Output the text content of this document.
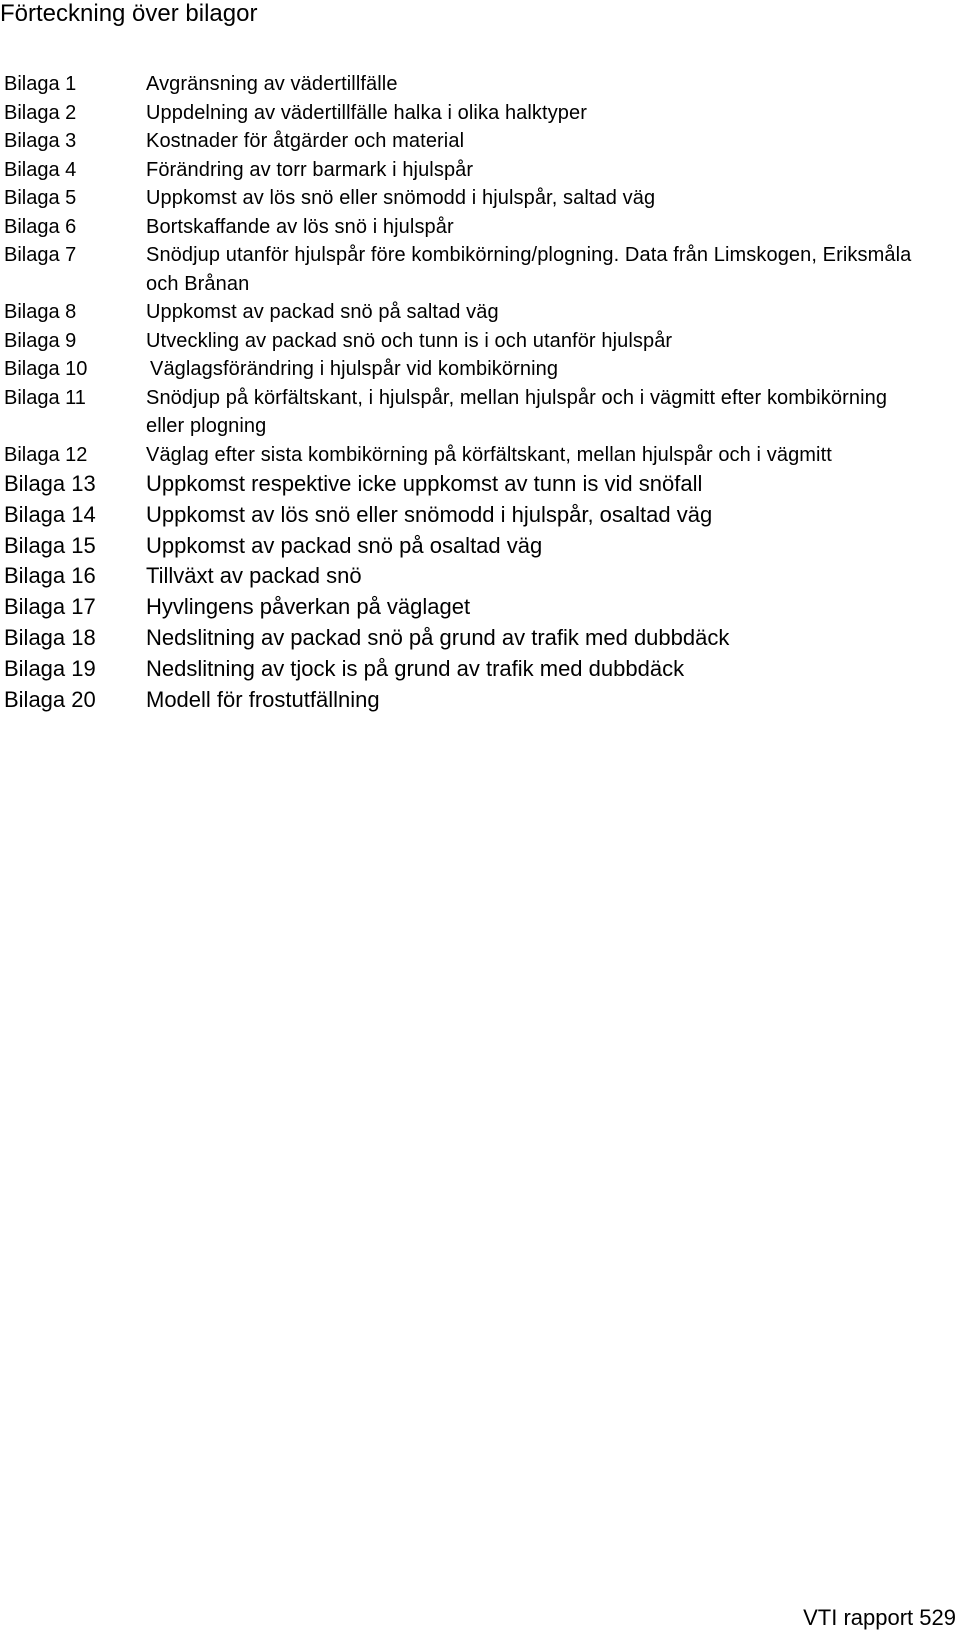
Förteckning över bilagor
Bilaga 1	Avgränsning av vädertillfälle
Bilaga 2	Uppdelning av vädertillfälle halka i olika halktyper
Bilaga 3	Kostnader för åtgärder och material
Bilaga 4	Förändring av torr barmark i hjulspår
Bilaga 5	Uppkomst av lös snö eller snömodd i hjulspår, saltad väg
Bilaga 6	Bortskaffande av lös snö i hjulspår
Bilaga 7	Snödjup utanför hjulspår före kombikörning/plogning. Data från Limskogen, Eriksmåla och Brånan
Bilaga 8	Uppkomst av packad snö på saltad väg
Bilaga 9	Utveckling av packad snö och tunn is i och utanför hjulspår
Bilaga 10	Väglagsförändring i hjulspår vid kombikörning
Bilaga 11	Snödjup på körfältskant, i hjulspår, mellan hjulspår och i vägmitt efter kombikörning eller plogning
Bilaga 12	Väglag efter sista kombikörning på körfältskant, mellan hjulspår och i vägmitt
Bilaga 13	Uppkomst respektive icke uppkomst av tunn is vid snöfall
Bilaga 14	Uppkomst av lös snö eller snömodd i hjulspår, osaltad väg
Bilaga 15	Uppkomst av packad snö på osaltad väg
Bilaga 16	Tillväxt av packad snö
Bilaga 17	Hyvlingens påverkan på väglaget
Bilaga 18	Nedslitning av packad snö på grund av trafik med dubbdäck
Bilaga 19	Nedslitning av tjock is på grund av trafik med dubbdäck
Bilaga 20	Modell för frostutfällning
VTI rapport 529
